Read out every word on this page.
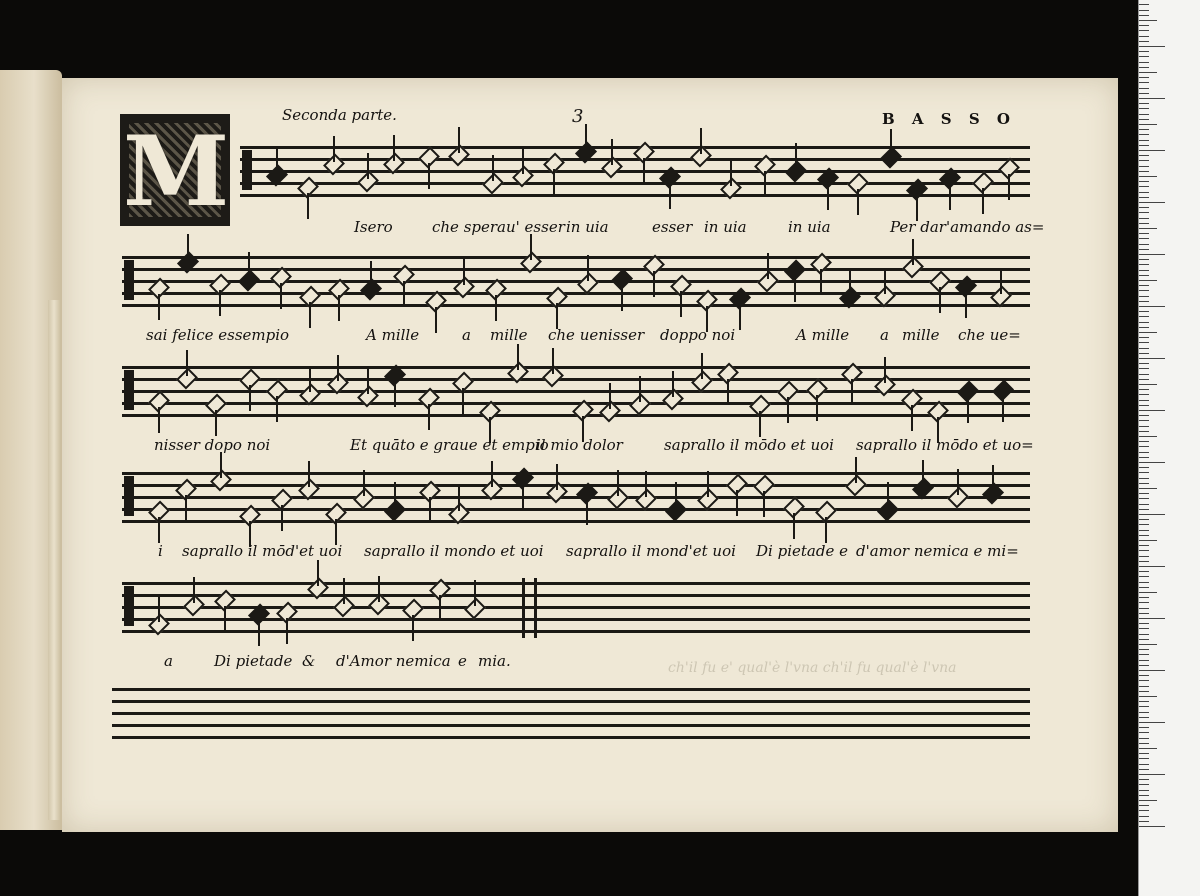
M	Seconda parte.	3	B A S S O
Isero	che sperau' esser in uia	esser in uia	in uia	Per dar'amando as=
sai felice essempio	A mille	a mille che uenisser doppo noi	A mille a mille che ue=
nisser dopo noi	Et quāto e graue et empio
il mio dolor	saprallo il mōdo et uoi saprallo il mōdo et uo=
i saprallo il mōd'et uoi saprallo il mondo et uoi saprallo il mond'et uoi Di pietade e d'amor nemica e mi=
a	Di pietade & d'Amor nemica e mia.	ch'il fu e' qual'è l'vna ch'il fu qual'è l'vna
